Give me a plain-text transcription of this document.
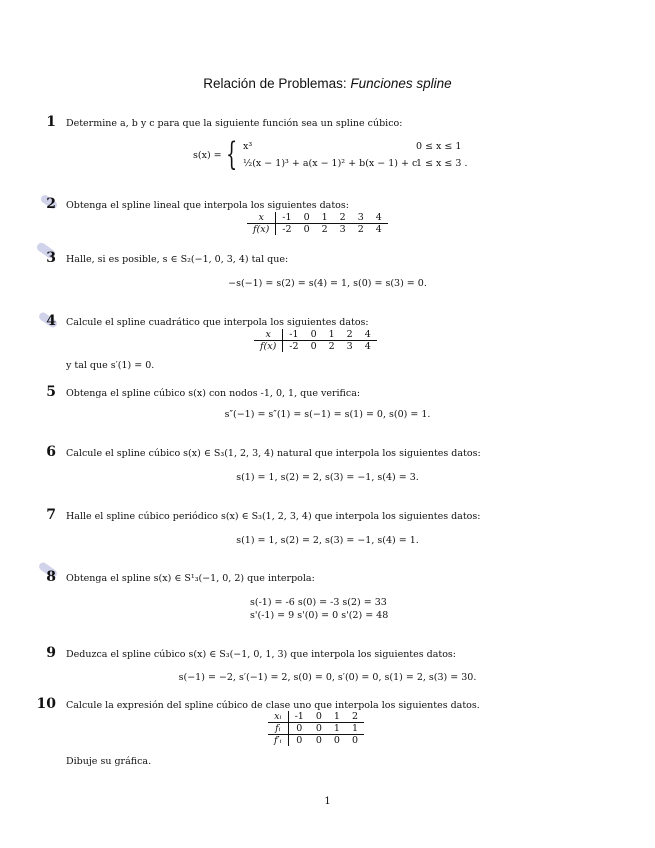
Relación de Problemas: Funciones spline
1 Determine a, b y c para que la siguiente función sea un spline cúbico:
s(x) = { x³	0 ≤ x ≤ 1
½(x − 1)³ + a(x − 1)² + b(x − 1) + c
1 ≤ x ≤ 3 .
2 Obtenga el spline lineal que interpola los siguientes datos:
x	-1	0	1	2	3	4
f(x)	-2	0	2	3	2	4
3 Halle, si es posible, s ∈ S₂(−1, 0, 3, 4) tal que:
−s(−1) = s(2) = s(4) = 1, s(0) = s(3) = 0.
4 Calcule el spline cuadrático que interpola los siguientes datos:
x	-1	0	1	2	4
f(x)	-2	0	2	3	4
y tal que s′(1) = 0.
5 Obtenga el spline cúbico s(x) con nodos -1, 0, 1, que verifica:
s″(−1) = s″(1) = s(−1) = s(1) = 0, s(0) = 1.
6 Calcule el spline cúbico s(x) ∈ S₃(1, 2, 3, 4) natural que interpola los siguientes datos:
s(1) = 1, s(2) = 2, s(3) = −1, s(4) = 3.
7 Halle el spline cúbico periódico s(x) ∈ S₃(1, 2, 3, 4) que interpola los siguientes datos:
s(1) = 1, s(2) = 2, s(3) = −1, s(4) = 1.
8 Obtenga el spline s(x) ∈ S¹₃(−1, 0, 2) que interpola:
s(-1) = -6 s(0) = -3 s(2) = 33
s'(-1) = 9 s'(0) = 0 s'(2) = 48
9 Deduzca el spline cúbico s(x) ∈ S₃(−1, 0, 1, 3) que interpola los siguientes datos:
s(−1) = −2, s′(−1) = 2, s(0) = 0, s′(0) = 0, s(1) = 2, s(3) = 30.
10 Calcule la expresión del spline cúbico de clase uno que interpola los siguientes datos.
xᵢ	-1	0	1	2
fᵢ	0	0	1	1
f′ᵢ	0	0	0	0
Dibuje su gráfica.
1
